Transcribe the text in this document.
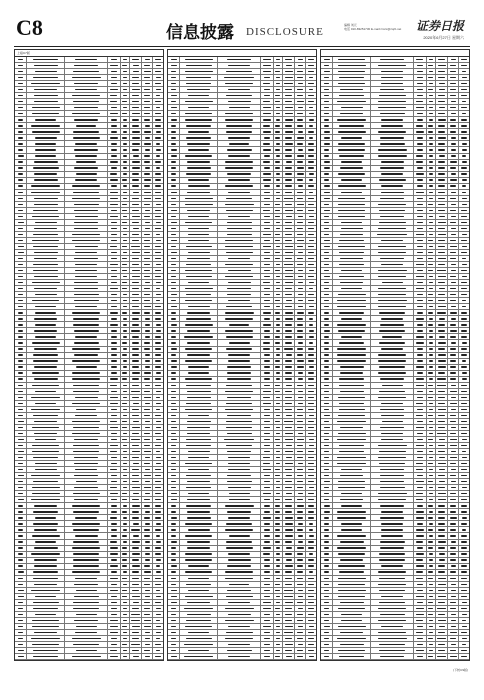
C8	信息披露 DISCLOSURE
编辑 刘元
电话 010-83251730 E-mail:zmzx@zqrb.net	证券日报
2020年6月27日 星期六
上接C7版
(下转C9版)
